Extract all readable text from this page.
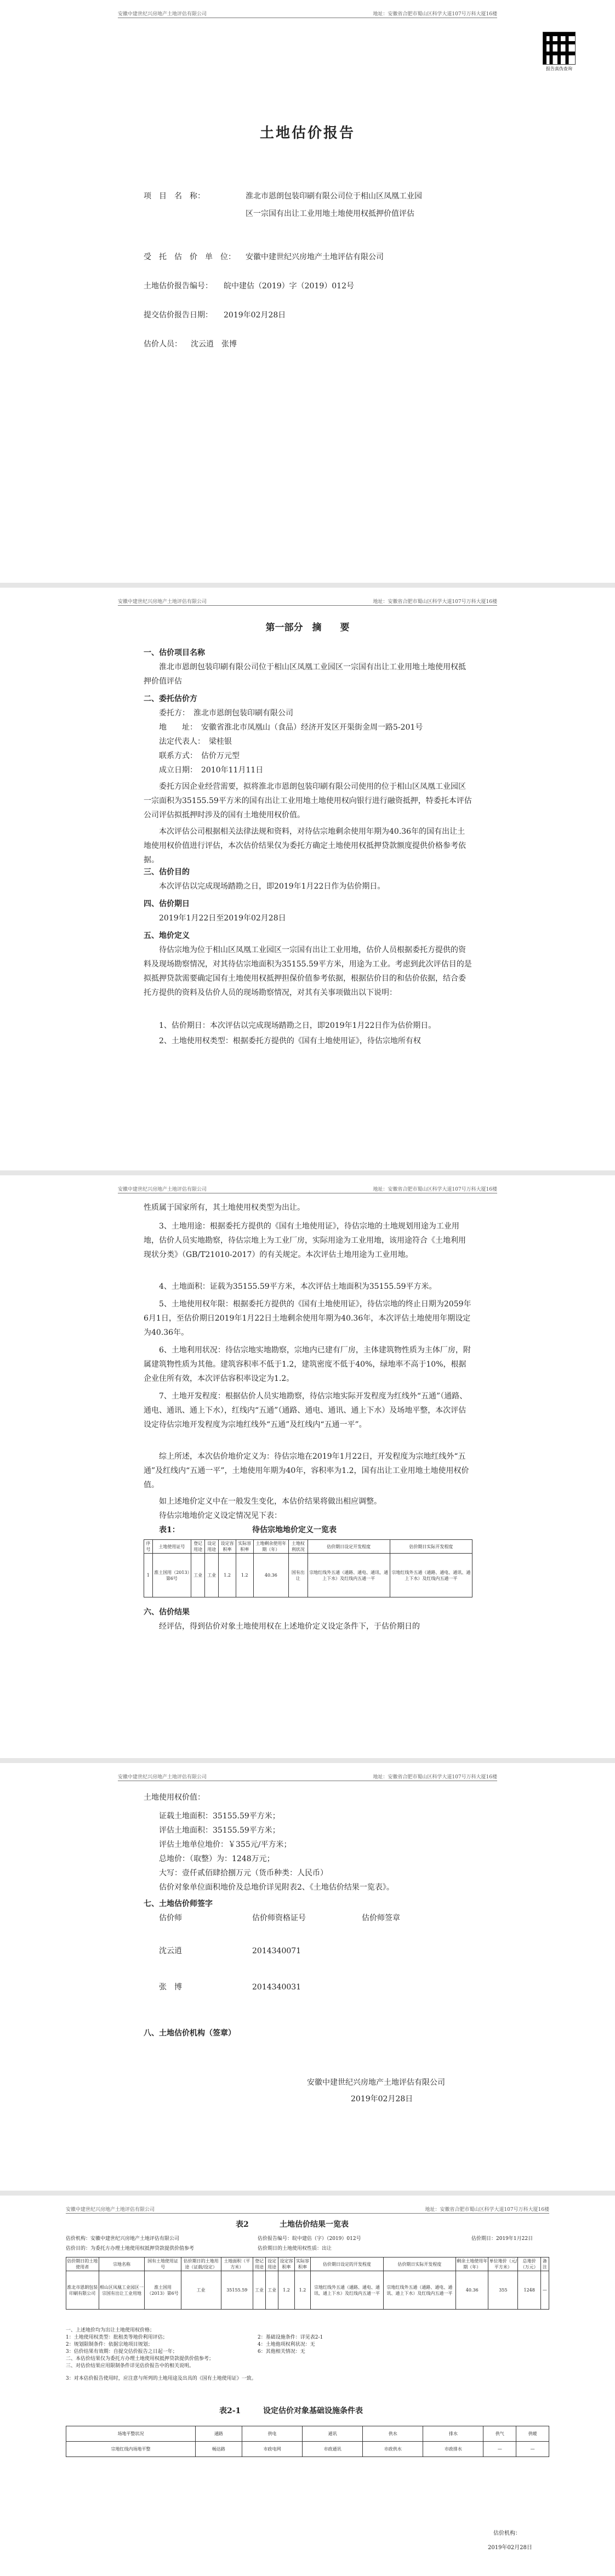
安徽中建世纪兴房地产土地评估有限公司	地址：安徽省合肥市蜀山区科学大道107号万科大厦16楼
报告真伪查询
土地估价报告
项　目　名　称：	淮北市恩朗包装印刷有限公司位于相山区凤凰工业园
区一宗国有出让工业用地土地使用权抵押价值评估
受　托　估　价　单　位： 安徽中建世纪兴房地产土地评估有限公司
土地估价报告编号： 皖中建估（2019）字（2019）012号
提交估价报告日期： 2019年02月28日
估价人员： 沈云逍　张博
安徽中建世纪兴房地产土地评估有限公司	地址：安徽省合肥市蜀山区科学大道107号万科大厦16楼
第一部分　摘　　要
一、估价项目名称
淮北市恩朗包装印刷有限公司位于相山区凤凰工业园区一宗国有出让工业用地土地使用权抵押价值评估
二、委托估价方
委托方：　淮北市恩朗包装印刷有限公司
地　　址：　安徽省淮北市凤凰山（食品）经济开发区开渠街金周一路5-201号
法定代表人：　梁桂银
联系方式：　估价万元型
成立日期：　2010年11月11日
委托方因企业经营需要，拟将淮北市恩朗包装印刷有限公司使用的位于相山区凤凰工业园区一宗面积为35155.59平方米的国有出让工业用地土地使用权向银行进行融资抵押，特委托本评估公司评估拟抵押时涉及的国有土地使用权价值。
本次评估公司根据相关法律法规和资料，对待估宗地剩余使用年期为40.36年的国有出让土地使用权价值进行评估，本次估价结果仅为委托方确定土地使用权抵押贷款额度提供价格参考依据。
三、估价目的
本次评估以完成现场踏勘之日，即2019年1月22日作为估价期日。
四、估价期日
2019年1月22日至2019年02月28日
五、地价定义
待估宗地为位于相山区凤凰工业园区一宗国有出让工业用地，估价人员根据委托方提供的资料及现场勘察情况，对其待估宗地面积为35155.59平方米，用途为工业。考虑到此次评估目的是拟抵押贷款需要确定国有土地使用权抵押担保价值参考依据，根据估价目的和估价依据，结合委托方提供的资料及估价人员的现场勘察情况，对其有关事项做出以下说明：
1、估价期日：本次评估以完成现场踏勘之日，即2019年1月22日作为估价期日。
2、土地使用权类型：根据委托方提供的《国有土地使用证》，待估宗地所有权
安徽中建世纪兴房地产土地评估有限公司	地址：安徽省合肥市蜀山区科学大道107号万科大厦16楼
性质属于国家所有，其土地使用权类型为出让。
3、土地用途：根据委托方提供的《国有土地使用证》，待估宗地的土地规划用途为工业用地，估价人员实地勘察，待估宗地上为工业厂房，实际用途为工业用地，该用途符合《土地利用现状分类》（GB/T21010-2017）的有关规定。本次评估土地用途为工业用地。
4、土地面积：证载为35155.59平方米，本次评估土地面积为35155.59平方米。
5、土地使用权年限：根据委托方提供的《国有土地使用证》，待估宗地的终止日期为2059年6月1日，至估价期日2019年1月22日土地剩余使用年期为40.36年，本次评估土地使用年期设定为40.36年。
6、土地利用状况：待估宗地实地勘察，宗地内已建有厂房，主体建筑物性质为主体厂房，附属建筑物性质为其他。建筑容积率不低于1.2，建筑密度不低于40%，绿地率不高于10%，根据企业住所有效，本次评估容积率设定为1.2。
7、土地开发程度：根据估价人员实地勘察，待估宗地实际开发程度为红线外“五通”（通路、通电、通讯、通上下水），红线内“五通”（通路、通电、通讯、通上下水）及场地平整，本次评估设定待估宗地开发程度为宗地红线外“五通”及红线内“五通一平”。
综上所述，本次估价地价定义为：待估宗地在2019年1月22日，开发程度为宗地红线外“五通”及红线内“五通一平”，土地使用年期为40年，容积率为1.2，国有出让工业用地土地使用权价值。
如上述地价定义中在一般发生变化，本估价结果将做出相应调整。
待估宗地地价定义设定情况见下表：
表1：	待估宗地地价定义一览表
序号	土地使用证号	登记用途	设定用途	设定容积率	实际容积率	土地剩余使用年期（年）	土地权利状况	估价期日设定开发程度	估价期日实际开发程度
1	淮土国用（2013）第6号	工业	工业	1.2	1.2	40.36	国有出让	宗地红线外五通（通路、通电、通讯、通上下水）及红线内五通一平	宗地红线外五通（通路、通电、通讯、通上下水）及红线内五通一平
六、估价结果
经评估，得到估价对象土地使用权在上述地价定义设定条件下，于估价期日的
安徽中建世纪兴房地产土地评估有限公司	地址：安徽省合肥市蜀山区科学大道107号万科大厦16楼
土地使用权价值：
证载土地面积：35155.59平方米；
评估土地面积：35155.59平方米；
评估土地单位地价：￥355元/平方米；
总地价：（取整）为：1248万元；
大写：壹仟贰佰肆拾捌万元（货币种类：人民币）
估价对象单位面积地价及总地价详见附表2、《土地估价结果一览表》。
七、土地估价师签字
估价师	估价师资格证号	估价师签章
沈云逍	2014340071
张　博	2014340031
八、土地估价机构（签章）
安徽中建世纪兴房地产土地评估有限公司
2019年02月28日
安徽中建世纪兴房地产土地评估有限公司	地址：安徽省合肥市蜀山区科学大道107号万科大厦16楼
表2	土地估价结果一览表
估价机构：安徽中建世纪兴房地产土地评估有限公司	估价报告编号：皖中建估（字）（2019）012号	估价期日：2019年1月22日
估价目的：为委托方办理土地使用权抵押贷款提供价值参考	估价期日的土地使用权性质：出让
估价期日的土地使用者	宗地名称	国有土地使用证号	估价期日的土地用途（证载/设定）	土地面积（平方米）	登记用途	设定用途	设定容积率	实际容积率	估价期日设定的开发程度	估价期日实际开发程度	剩余土地使用年期（年）	单位地价（元/平方米）	总地价（万元）	备注
淮北市恩朗包装印刷有限公司	相山区凤凰工业园区一宗国有出让工业用地	淮土国用（2013）第6号	工业	35155.59	工业	工业	1.2	1.2	宗地红线外五通（通路、通电、通讯、通上下水）及红线内五通一平	宗地红线外五通（通路、通电、通讯、通上下水）及红线内五通一平	40.36	355	1248	—
一、上述地价均为出让土地使用权价格；
1：土地使用权类型：批租类等地价利用评估；
2：规划限制条件：依据宗地项目规划；
3：估价结果有效期：自提交估价报告之日起一年；
二、本估价结果仅为委托方办理土地使用权抵押贷款提供价值参考；
三、对估价结果应用限制条件详见估价报告中的相关说明。
2：基础设施条件：详见表2-1
4：土地他项权利状况：无
6：其他相关情况：无
3：对本估价报告使用时，应注意与所列的土地用途及出具的《国有土地使用证》一致。
表2-1	设定估价对象基础设施条件表
场地平整状况	通路	供电	通讯	供水	排水	供气	供暖
宗地红线内场地平整	畅达路	市政电网	市政通讯	市政供水	市政排水	—	—
估价机构：
2019年02月28日
